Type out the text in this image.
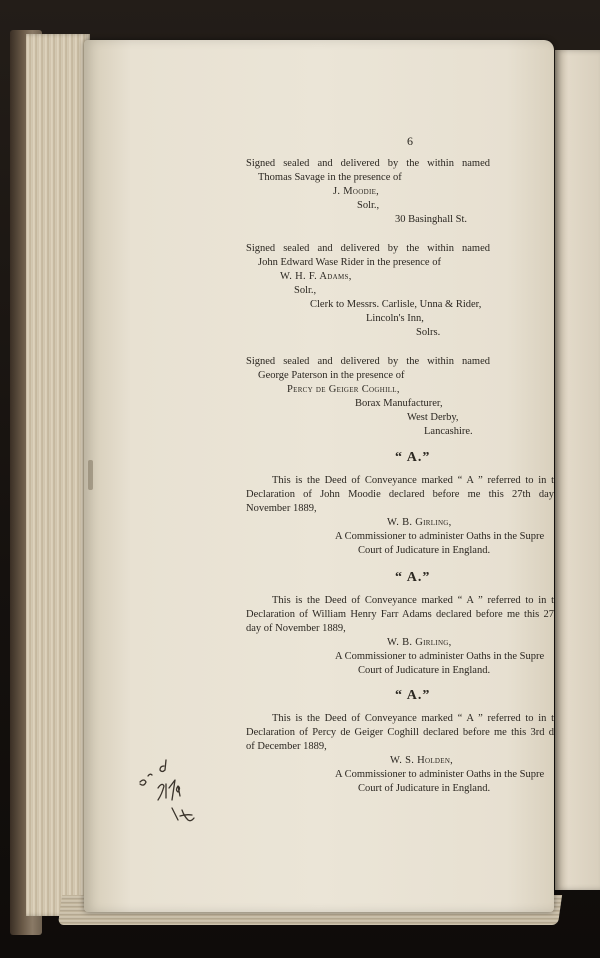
6
Signed sealed and delivered by the within named
Thomas Savage in the presence of
J. Moodie,
Solr.,
30 Basinghall St.
Signed sealed and delivered by the within named
John Edward Wase Rider in the presence of
W. H. F. Adams,
Solr.,
Clerk to Messrs. Carlisle, Unna & Rider,
Lincoln's Inn,
Solrs.
Signed sealed and delivered by the within named
George Paterson in the presence of
Percy de Geiger Coghill,
Borax Manufacturer,
West Derby,
Lancashire.
“ A.”
This is the Deed of Conveyance marked “ A ” referred to in t
Declaration of John Moodie declared before me this 27th day
November 1889,
W. B. Girling,
A Commissioner to administer Oaths in the Supre
Court of Judicature in England.
“ A.”
This is the Deed of Conveyance marked “ A ” referred to in t
Declaration of William Henry Farr Adams declared before me this 27
day of November 1889,
W. B. Girling,
A Commissioner to administer Oaths in the Supre
Court of Judicature in England.
“ A.”
This is the Deed of Conveyance marked “ A ” referred to in t
Declaration of Percy de Geiger Coghill declared before me this 3rd d
of December 1889,
W. S. Holden,
A Commissioner to administer Oaths in the Supre
Court of Judicature in England.
